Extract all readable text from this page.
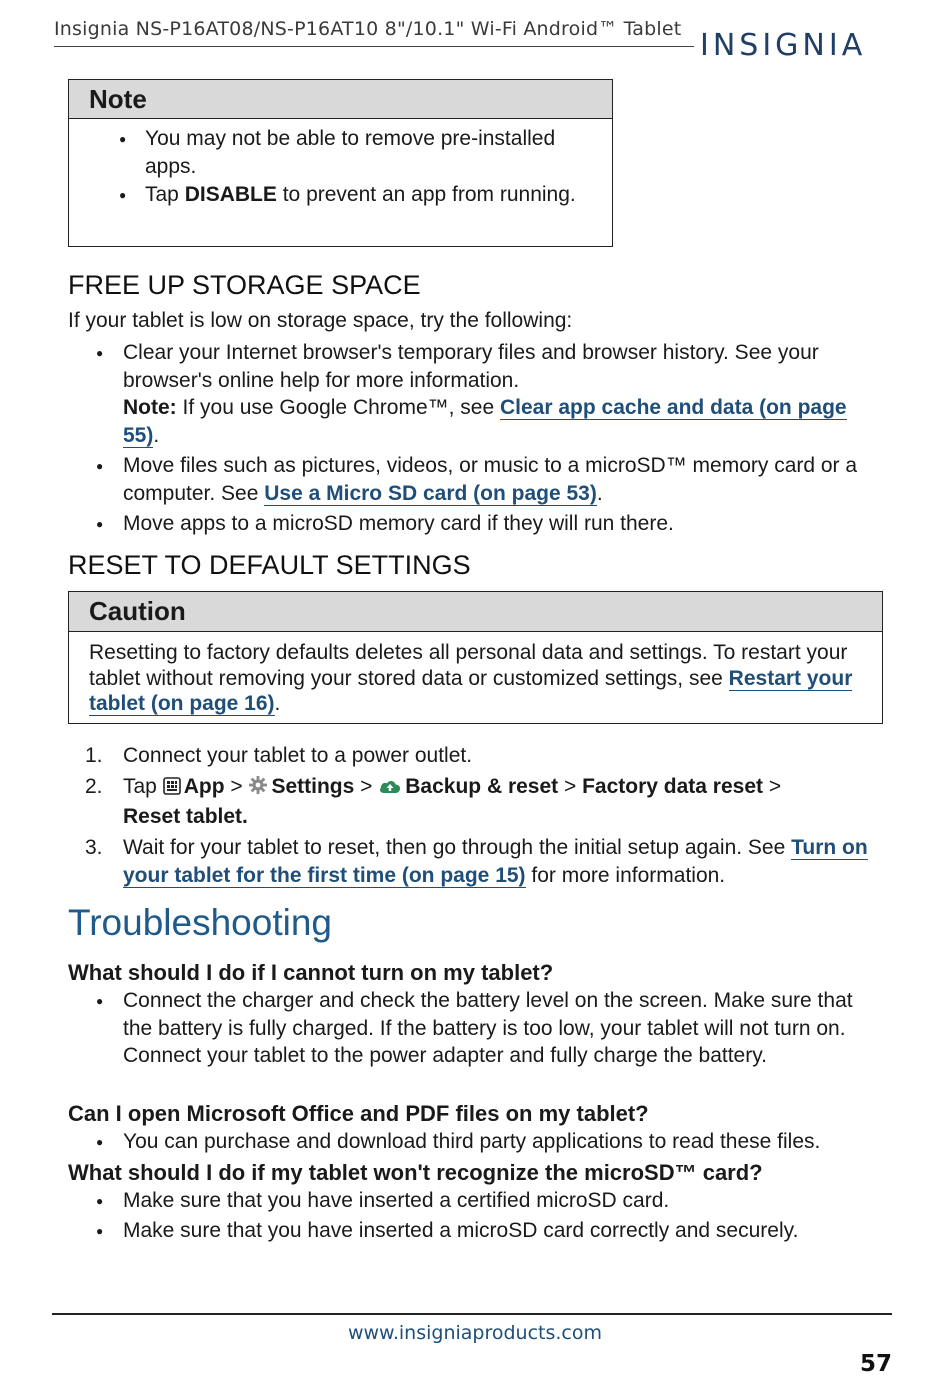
Insignia NS-P16AT08/NS-P16AT10 8"/10.1" Wi-Fi Android™ Tablet INSIGNIA
Note
● You may not be able to remove pre-installed apps.
● Tap DISABLE to prevent an app from running.
FREE UP STORAGE SPACE
If your tablet is low on storage space, try the following:
● Clear your Internet browser's temporary files and browser history. See your browser's online help for more information.
Note: If you use Google Chrome™, see Clear app cache and data (on page 55).
● Move files such as pictures, videos, or music to a microSD™ memory card or a computer. See Use a Micro SD card (on page 53).
● Move apps to a microSD memory card if they will run there.
RESET TO DEFAULT SETTINGS
Caution
Resetting to factory defaults deletes all personal data and settings. To restart your tablet without removing your stored data or customized settings, see Restart your tablet (on page 16).
1. Connect your tablet to a power outlet.
2. Tap App > Settings > Backup & reset > Factory data reset >
Reset tablet.
3. Wait for your tablet to reset, then go through the initial setup again. See Turn on your tablet for the first time (on page 15) for more information.
Troubleshooting
What should I do if I cannot turn on my tablet?
● Connect the charger and check the battery level on the screen. Make sure that the battery is fully charged. If the battery is too low, your tablet will not turn on. Connect your tablet to the power adapter and fully charge the battery.
Can I open Microsoft Office and PDF files on my tablet?
● You can purchase and download third party applications to read these files.
What should I do if my tablet won't recognize the microSD™ card?
● Make sure that you have inserted a certified microSD card.
● Make sure that you have inserted a microSD card correctly and securely.
www.insigniaproducts.com
57
